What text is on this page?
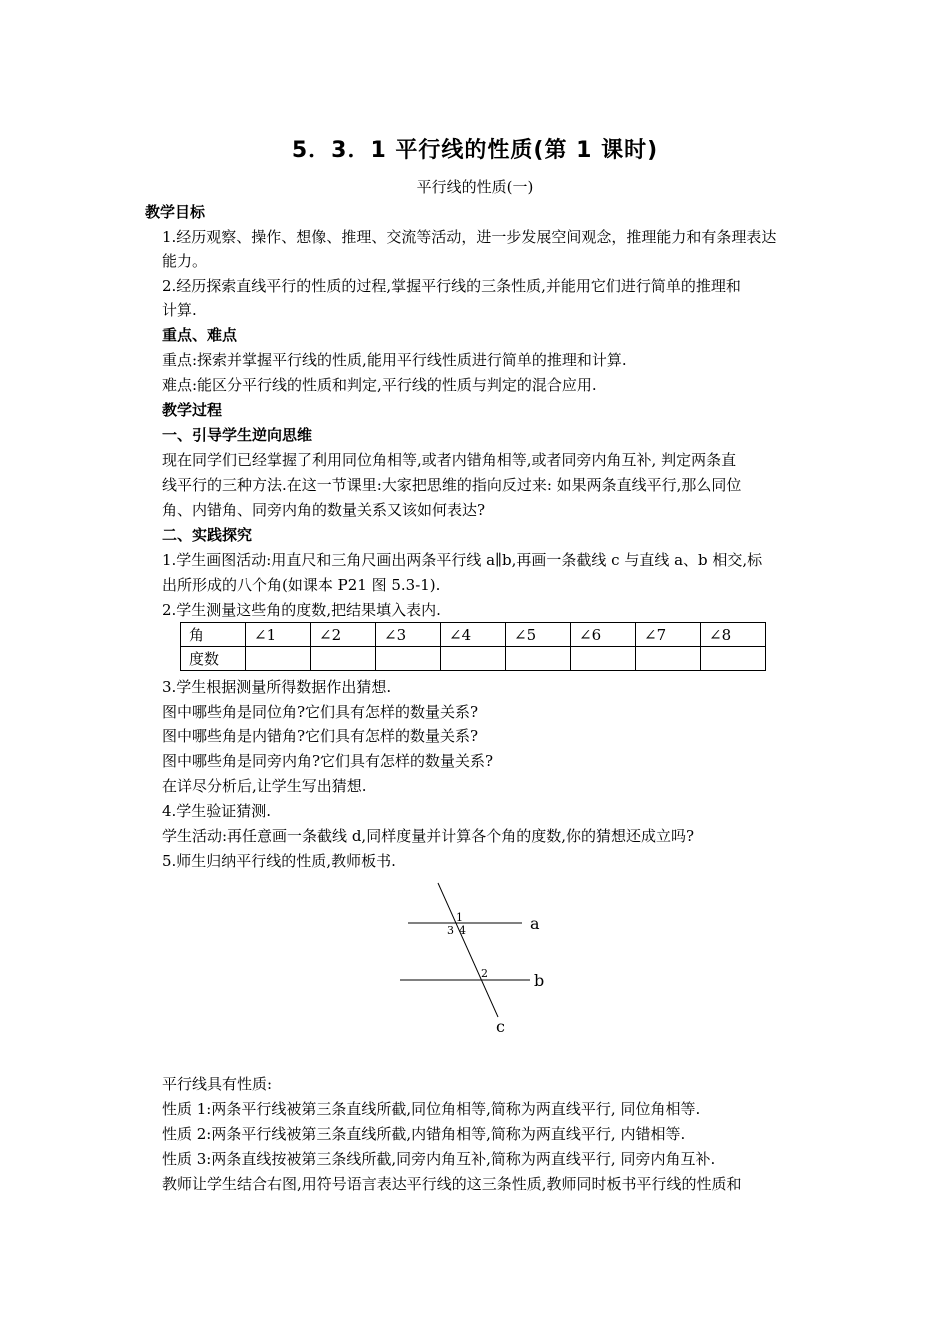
5．3．1 平行线的性质(第 1 课时)
平行线的性质(一)
教学目标
1.经历观察、操作、想像、推理、交流等活动，进一步发展空间观念，推理能力和有条理表达
能力。
2.经历探索直线平行的性质的过程,掌握平行线的三条性质,并能用它们进行简单的推理和
计算.
重点、难点
重点:探索并掌握平行线的性质,能用平行线性质进行简单的推理和计算.
难点:能区分平行线的性质和判定,平行线的性质与判定的混合应用.
教学过程
一、引导学生逆向思维
现在同学们已经掌握了利用同位角相等,或者内错角相等,或者同旁内角互补, 判定两条直
线平行的三种方法.在这一节课里:大家把思维的指向反过来: 如果两条直线平行,那么同位
角、内错角、同旁内角的数量关系又该如何表达?
二、实践探究
1.学生画图活动:用直尺和三角尺画出两条平行线 a∥b,再画一条截线 c 与直线 a、b 相交,标
出所形成的八个角(如课本 P21 图 5.3-1).
2.学生测量这些角的度数,把结果填入表内.
角	∠1	∠2	∠3	∠4	∠5	∠6	∠7	∠8
度数								
3.学生根据测量所得数据作出猜想.
图中哪些角是同位角?它们具有怎样的数量关系?
图中哪些角是内错角?它们具有怎样的数量关系?
图中哪些角是同旁内角?它们具有怎样的数量关系?
在详尽分析后,让学生写出猜想.
4.学生验证猜测.
学生活动:再任意画一条截线 d,同样度量并计算各个角的度数,你的猜想还成立吗?
5.师生归纳平行线的性质,教师板书.
1
3 4
2
a
b
c
平行线具有性质:
性质 1:两条平行线被第三条直线所截,同位角相等,简称为两直线平行, 同位角相等.
性质 2:两条平行线被第三条直线所截,内错角相等,简称为两直线平行, 内错相等.
性质 3:两条直线按被第三条线所截,同旁内角互补,简称为两直线平行, 同旁内角互补.
教师让学生结合右图,用符号语言表达平行线的这三条性质,教师同时板书平行线的性质和
